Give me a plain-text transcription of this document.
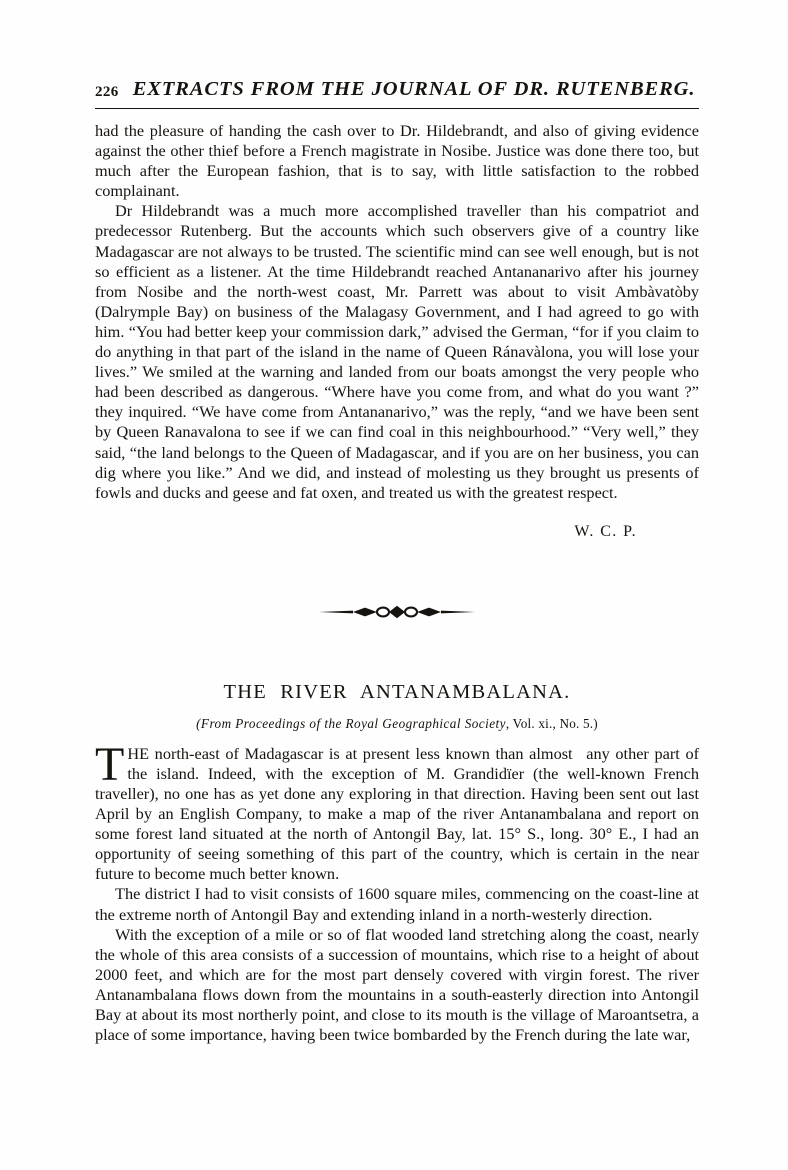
226 EXTRACTS FROM THE JOURNAL OF DR. RUTENBERG.

had the pleasure of handing the cash over to Dr. Hildebrandt, and also of giving evidence against the other thief before a French magistrate in Nosibe. Justice was done there too, but much after the European fashion, that is to say, with little satisfaction to the robbed complainant.

Dr Hildebrandt was a much more accomplished traveller than his compatriot and predecessor Rutenberg. But the accounts which such observers give of a country like Madagascar are not always to be trusted. The scientific mind can see well enough, but is not so efficient as a listener. At the time Hildebrandt reached Antananarivo after his journey from Nosibe and the north-west coast, Mr. Parrett was about to visit Ambàvatòby (Dalrymple Bay) on business of the Malagasy Government, and I had agreed to go with him. “You had better keep your commission dark,” advised the German, “for if you claim to do anything in that part of the island in the name of Queen Ránavàlona, you will lose your lives.” We smiled at the warning and landed from our boats amongst the very people who had been described as dangerous. “Where have you come from, and what do you want ?” they inquired. “We have come from Antananarivo,” was the reply, “and we have been sent by Queen Ranavalona to see if we can find coal in this neighbourhood.” “Very well,” they said, “the land belongs to the Queen of Madagascar, and if you are on her business, you can dig where you like.” And we did, and instead of molesting us they brought us presents of fowls and ducks and geese and fat oxen, and treated us with the greatest respect.

W. C. P.
THE RIVER ANTANAMBALANA.
(From Proceedings of the Royal Geographical Society, Vol. xi., No. 5.)

THE north-east of Madagascar is at present less known than almost any other part of the island. Indeed, with the exception of M. Grandidïer (the well-known French traveller), no one has as yet done any exploring in that direction. Having been sent out last April by an English Company, to make a map of the river Antanambalana and report on some forest land situated at the north of Antongil Bay, lat. 15° S., long. 30° E., I had an opportunity of seeing something of this part of the country, which is certain in the near future to become much better known.

The district I had to visit consists of 1600 square miles, commencing on the coast-line at the extreme north of Antongil Bay and extending inland in a north-westerly direction.

With the exception of a mile or so of flat wooded land stretching along the coast, nearly the whole of this area consists of a succession of mountains, which rise to a height of about 2000 feet, and which are for the most part densely covered with virgin forest. The river Antanambalana flows down from the mountains in a south-easterly direction into Antongil Bay at about its most northerly point, and close to its mouth is the village of Maroantsetra, a place of some importance, having been twice bombarded by the French during the late war,
